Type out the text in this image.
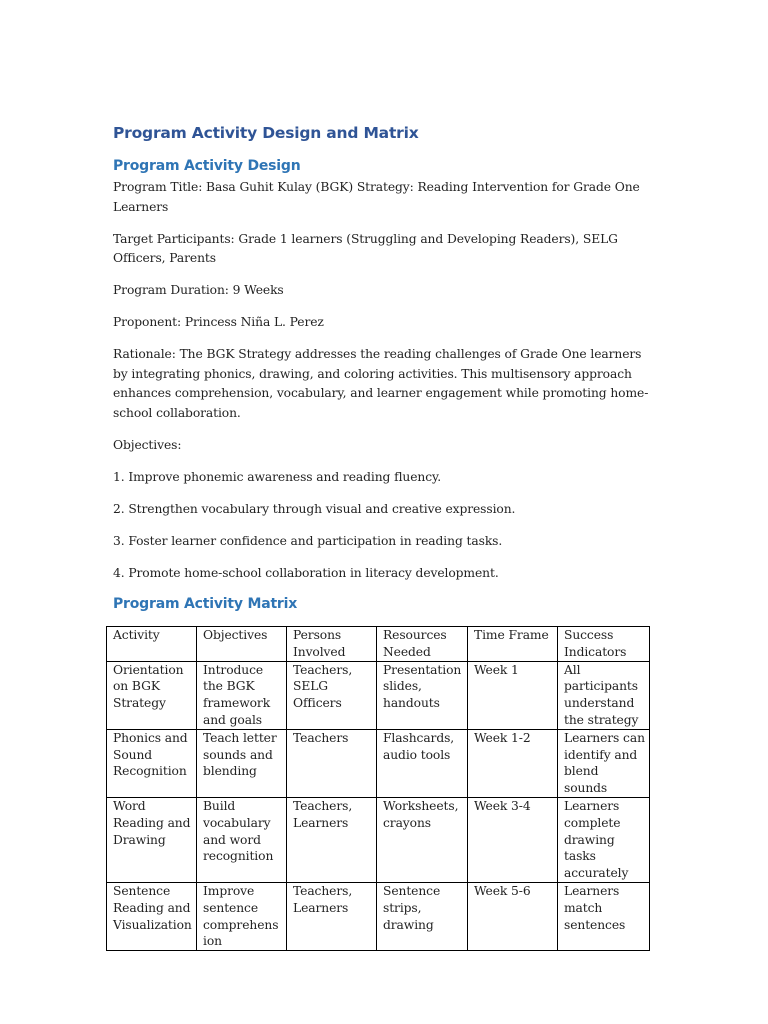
Program Activity Design and Matrix
Program Activity Design

Program Title: Basa Guhit Kulay (BGK) Strategy: Reading Intervention for Grade One Learners

Target Participants: Grade 1 learners (Struggling and Developing Readers), SELG Officers, Parents

Program Duration: 9 Weeks

Proponent: Princess Niña L. Perez

Rationale: The BGK Strategy addresses the reading challenges of Grade One learners by integrating phonics, drawing, and coloring activities. This multisensory approach enhances comprehension, vocabulary, and learner engagement while promoting home-school collaboration.

Objectives:

1. Improve phonemic awareness and reading fluency.

2. Strengthen vocabulary through visual and creative expression.

3. Foster learner confidence and participation in reading tasks.

4. Promote home-school collaboration in literacy development.

Program Activity Matrix
Activity	Objectives	Persons Involved	Resources Needed	Time Frame	Success Indicators
Orientation on BGK Strategy	Introduce the BGK framework and goals	Teachers, SELG Officers	Presentation slides, handouts	Week 1	All participants understand the strategy
Phonics and Sound Recognition	Teach letter sounds and blending	Teachers	Flashcards, audio tools	Week 1-2	Learners can identify and blend sounds
Word Reading and Drawing	Build vocabulary and word recognition	Teachers, Learners	Worksheets, crayons	Week 3-4	Learners complete drawing tasks accurately
Sentence Reading and Visualization	Improve sentence comprehension	Teachers, Learners	Sentence strips, drawing	Week 5-6	Learners match sentences
